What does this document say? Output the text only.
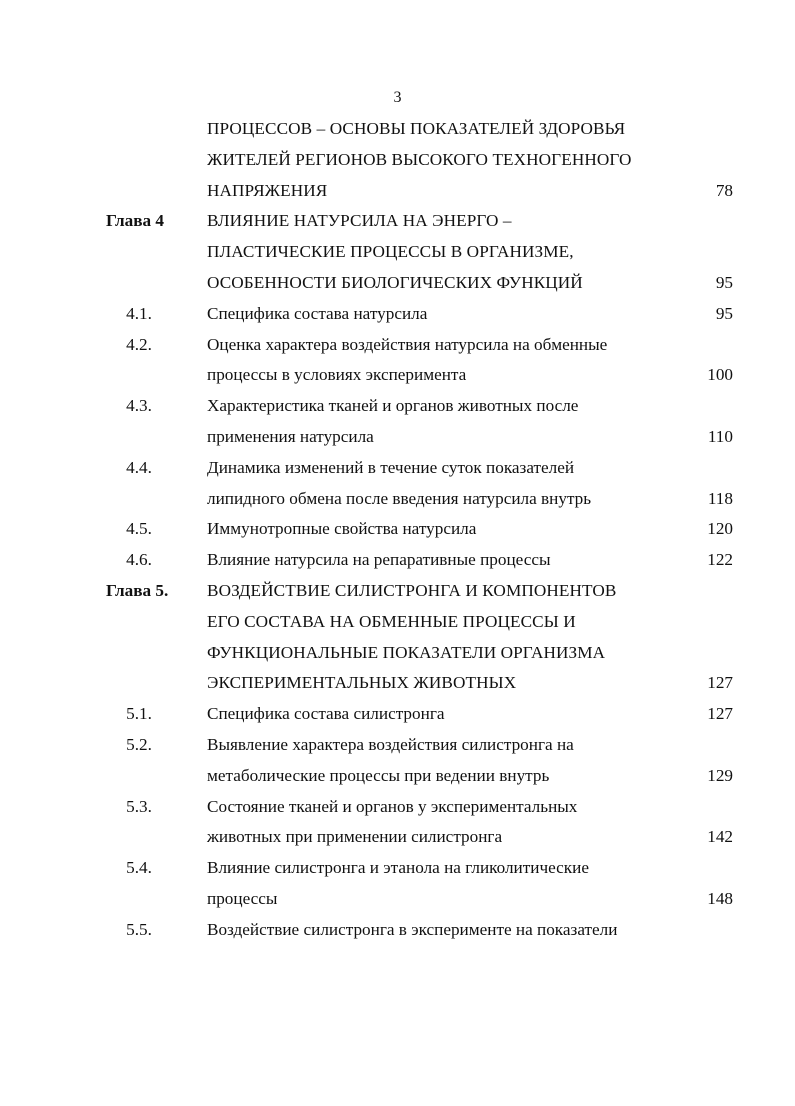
3
ПРОЦЕССОВ – ОСНОВЫ ПОКАЗАТЕЛЕЙ ЗДОРОВЬЯ
ЖИТЕЛЕЙ РЕГИОНОВ ВЫСОКОГО ТЕХНОГЕННОГО
НАПРЯЖЕНИЯ	78
Глава 4	ВЛИЯНИЕ НАТУРСИЛА НА ЭНЕРГО –
ПЛАСТИЧЕСКИЕ ПРОЦЕССЫ В ОРГАНИЗМЕ,
ОСОБЕННОСТИ БИОЛОГИЧЕСКИХ ФУНКЦИЙ	95
4.1.	Специфика состава натурсила	95
4.2.	Оценка характера воздействия натурсила на обменные
процессы в условиях эксперимента	100
4.3.	Характеристика тканей и органов животных после
применения натурсила	110
4.4.	Динамика изменений в течение суток показателей
липидного обмена после введения натурсила внутрь	118
4.5.	Иммунотропные свойства натурсила	120
4.6.	Влияние натурсила на репаративные процессы	122
Глава 5.	ВОЗДЕЙСТВИЕ СИЛИСТРОНГА И КОМПОНЕНТОВ
ЕГО СОСТАВА НА ОБМЕННЫЕ ПРОЦЕССЫ И
ФУНКЦИОНАЛЬНЫЕ ПОКАЗАТЕЛИ ОРГАНИЗМА
ЭКСПЕРИМЕНТАЛЬНЫХ ЖИВОТНЫХ	127
5.1.	Специфика состава силистронга	127
5.2.	Выявление характера воздействия силистронга на
метаболические процессы при ведении внутрь	129
5.3.	Состояние тканей и органов у экспериментальных
животных при применении силистронга	142
5.4.	Влияние силистронга и этанола на гликолитические
процессы	148
5.5.	Воздействие силистронга в эксперименте на показатели
